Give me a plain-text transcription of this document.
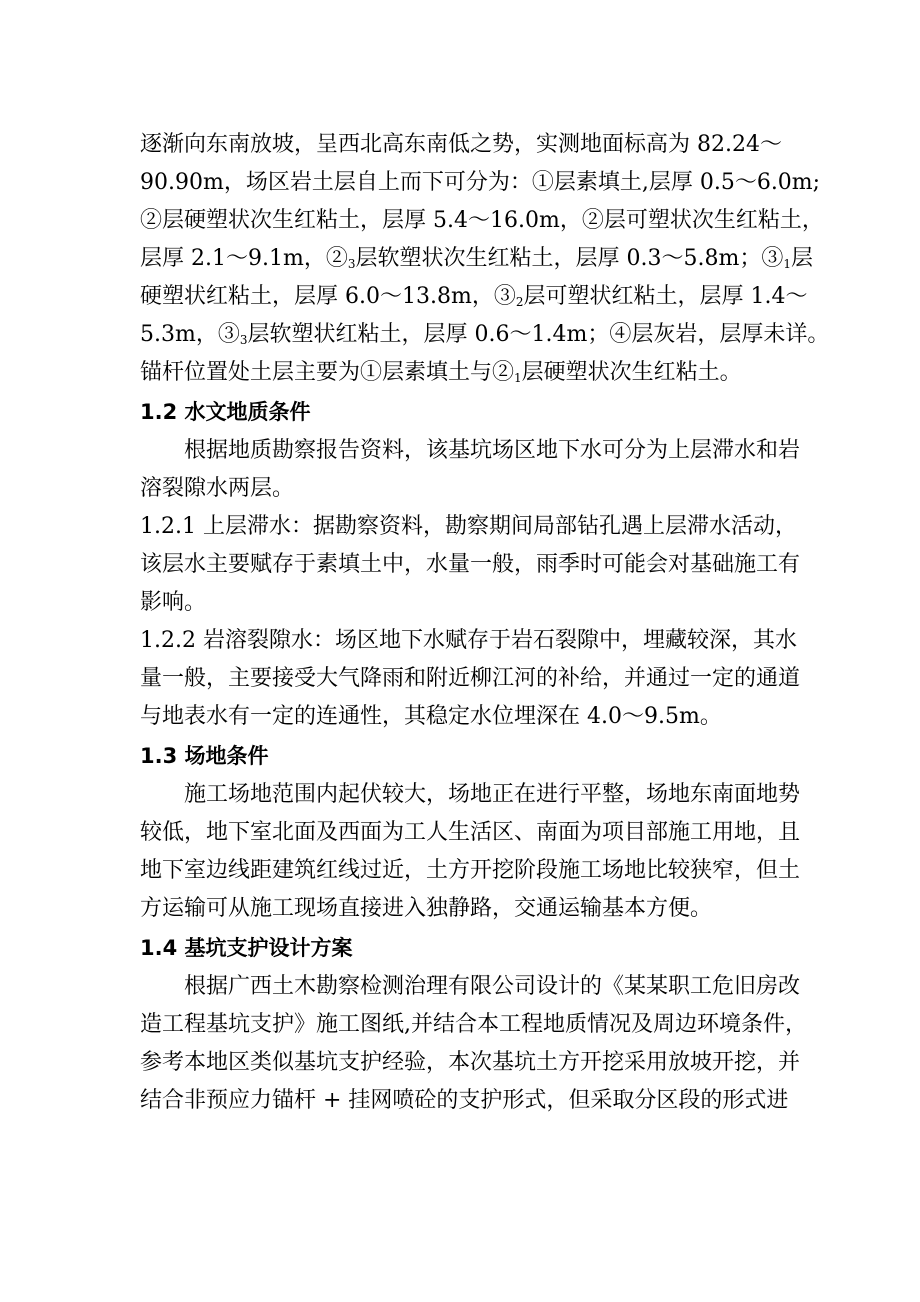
逐渐向东南放坡，呈西北高东南低之势，实测地面标高为 82.24～
90.90m，场区岩土层自上而下可分为：①层素填土,层厚 0.5～6.0m;
②层硬塑状次生红粘土，层厚 5.4～16.0m，②层可塑状次生红粘土，
层厚 2.1～9.1m，$②_3$层软塑状次生红粘土，层厚 0.3～5.8m；$③_1$层
硬塑状红粘土，层厚 6.0～13.8m，$③_2$层可塑状红粘土，层厚 1.4～
5.3m，$③_3$层软塑状红粘土，层厚 0.6～1.4m；④层灰岩，层厚未详。
锚杆位置处土层主要为①层素填土与$②_1$层硬塑状次生红粘土。
1.2 水文地质条件
根据地质勘察报告资料，该基坑场区地下水可分为上层滞水和岩
溶裂隙水两层。
1.2.1 上层滞水：据勘察资料，勘察期间局部钻孔遇上层滞水活动，
该层水主要赋存于素填土中，水量一般，雨季时可能会对基础施工有
影响。
1.2.2 岩溶裂隙水：场区地下水赋存于岩石裂隙中，埋藏较深，其水
量一般，主要接受大气降雨和附近柳江河的补给，并通过一定的通道
与地表水有一定的连通性，其稳定水位埋深在 4.0～9.5m。
1.3 场地条件
施工场地范围内起伏较大，场地正在进行平整，场地东南面地势
较低，地下室北面及西面为工人生活区、南面为项目部施工用地，且
地下室边线距建筑红线过近，土方开挖阶段施工场地比较狭窄，但土
方运输可从施工现场直接进入独静路，交通运输基本方便。
1.4 基坑支护设计方案
根据广西土木勘察检测治理有限公司设计的《某某职工危旧房改
造工程基坑支护》施工图纸,并结合本工程地质情况及周边环境条件，
参考本地区类似基坑支护经验，本次基坑土方开挖采用放坡开挖，并
结合非预应力锚杆 + 挂网喷砼的支护形式，但采取分区段的形式进
